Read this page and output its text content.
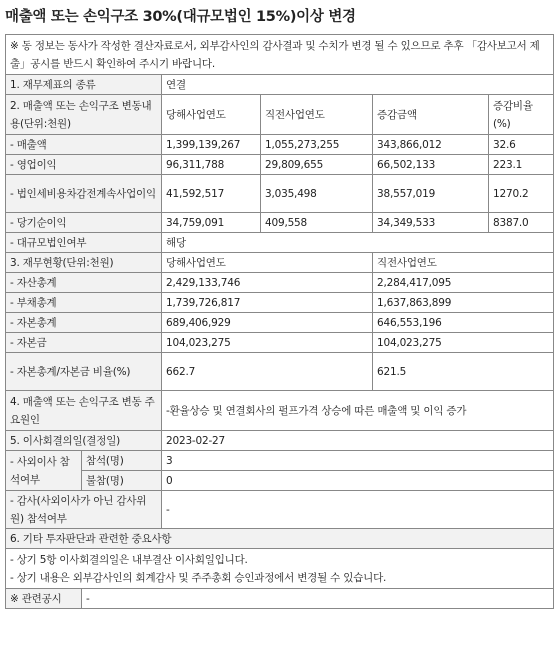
매출액 또는 손익구조 30%(대규모법인 15%)이상 변경
※ 동 정보는 동사가 작성한 결산자료로서, 외부감사인의 감사결과 및 수치가 변경 될 수 있으므로 추후 「감사보고서 제출」공시를 반드시 확인하여 주시기 바랍니다.					
1. 재무제표의 종류		연결			
2. 매출액 또는 손익구조 변동내용(단위:천원)		당해사업연도	직전사업연도	증감금액	증감비율(%)
- 매출액		1,399,139,267	1,055,273,255	343,866,012	32.6
- 영업이익		96,311,788	29,809,655	66,502,133	223.1
- 법인세비용차감전계속사업이익		41,592,517	3,035,498	38,557,019	1270.2
- 당기순이익		34,759,091	409,558	34,349,533	8387.0
- 대규모법인여부		해당			
3. 재무현황(단위:천원)		당해사업연도		직전사업연도	
- 자산총계		2,429,133,746		2,284,417,095	
- 부채총계		1,739,726,817		1,637,863,899	
- 자본총계		689,406,929		646,553,196	
- 자본금		104,023,275		104,023,275	
- 자본총계/자본금 비율(%)		662.7		621.5	
4. 매출액 또는 손익구조 변동 주요원인		-환율상승 및 연결회사의 펄프가격 상승에 따른 매출액 및 이익 증가			
5. 이사회결의일(결정일)		2023-02-27			
- 사외이사 참석여부	참석(명)	3			
	불참(명)	0			
- 감사(사외이사가 아닌 감사위원) 참석여부		-			
6. 기타 투자판단과 관련한 중요사항					

- 상기 5항 이사회결의일은 내부결산 이사회일입니다.
- 상기 내용은 외부감사인의 회계감사 및 주주총회 승인과정에서 변경될 수 있습니다.					

※ 관련공시	-				
